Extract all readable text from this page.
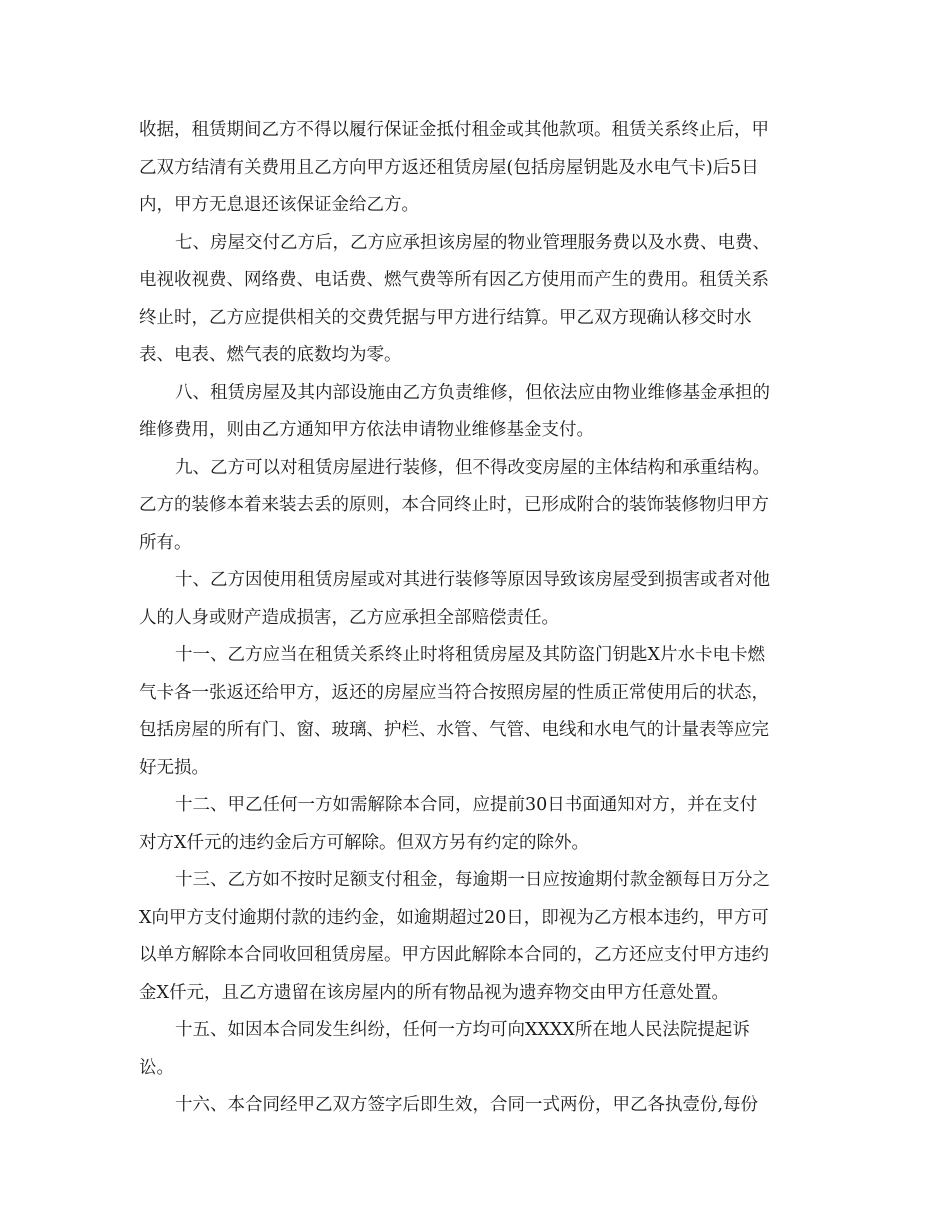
收据，租赁期间乙方不得以履行保证金抵付租金或其他款项。租赁关系终止后，甲
乙双方结清有关费用且乙方向甲方返还租赁房屋(包括房屋钥匙及水电气卡)后5日
内，甲方无息退还该保证金给乙方。
七、房屋交付乙方后，乙方应承担该房屋的物业管理服务费以及水费、电费、
电视收视费、网络费、电话费、燃气费等所有因乙方使用而产生的费用。租赁关系
终止时，乙方应提供相关的交费凭据与甲方进行结算。甲乙双方现确认移交时水
表、电表、燃气表的底数均为零。
八、租赁房屋及其内部设施由乙方负责维修，但依法应由物业维修基金承担的
维修费用，则由乙方通知甲方依法申请物业维修基金支付。
九、乙方可以对租赁房屋进行装修，但不得改变房屋的主体结构和承重结构。
乙方的装修本着来装去丢的原则，本合同终止时，已形成附合的装饰装修物归甲方
所有。
十、乙方因使用租赁房屋或对其进行装修等原因导致该房屋受到损害或者对他
人的人身或财产造成损害，乙方应承担全部赔偿责任。
十一、乙方应当在租赁关系终止时将租赁房屋及其防盗门钥匙X片水卡电卡燃
气卡各一张返还给甲方，返还的房屋应当符合按照房屋的性质正常使用后的状态，
包括房屋的所有门、窗、玻璃、护栏、水管、气管、电线和水电气的计量表等应完
好无损。
十二、甲乙任何一方如需解除本合同，应提前30日书面通知对方，并在支付
对方X仟元的违约金后方可解除。但双方另有约定的除外。
十三、乙方如不按时足额支付租金，每逾期一日应按逾期付款金额每日万分之
X向甲方支付逾期付款的违约金，如逾期超过20日，即视为乙方根本违约，甲方可
以单方解除本合同收回租赁房屋。甲方因此解除本合同的，乙方还应支付甲方违约
金X仟元，且乙方遗留在该房屋内的所有物品视为遗弃物交由甲方任意处置。
十五、如因本合同发生纠纷，任何一方均可向XXXX所在地人民法院提起诉
讼。
十六、本合同经甲乙双方签字后即生效，合同一式两份，甲乙各执壹份,每份
